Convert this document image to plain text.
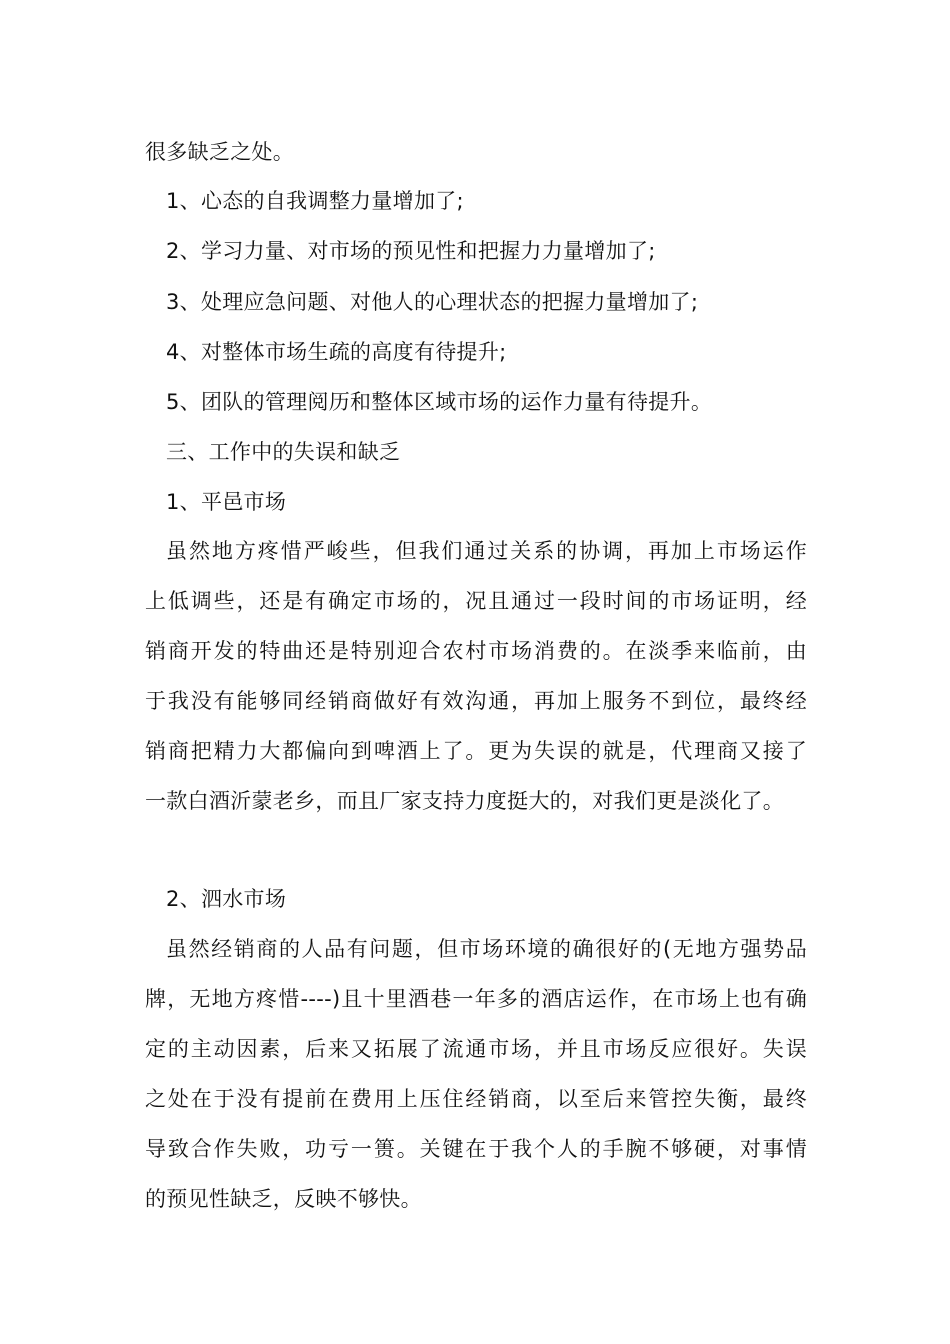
很多缺乏之处。
1、心态的自我调整力量增加了;
2、学习力量、对市场的预见性和把握力力量增加了;
3、处理应急问题、对他人的心理状态的把握力量增加了;
4、对整体市场生疏的高度有待提升;
5、团队的管理阅历和整体区域市场的运作力量有待提升。
三、工作中的失误和缺乏
1、平邑市场
虽然地方疼惜严峻些，但我们通过关系的协调，再加上市场运作
上低调些，还是有确定市场的，况且通过一段时间的市场证明，经
销商开发的特曲还是特别迎合农村市场消费的。在淡季来临前，由
于我没有能够同经销商做好有效沟通，再加上服务不到位，最终经
销商把精力大都偏向到啤酒上了。更为失误的就是，代理商又接了
一款白酒沂蒙老乡，而且厂家支持力度挺大的，对我们更是淡化了。
2、泗水市场
虽然经销商的人品有问题，但市场环境的确很好的(无地方强势品
牌，无地方疼惜----)且十里酒巷一年多的酒店运作，在市场上也有确
定的主动因素，后来又拓展了流通市场，并且市场反应很好。失误
之处在于没有提前在费用上压住经销商，以至后来管控失衡，最终
导致合作失败，功亏一篑。关键在于我个人的手腕不够硬，对事情
的预见性缺乏，反映不够快。
